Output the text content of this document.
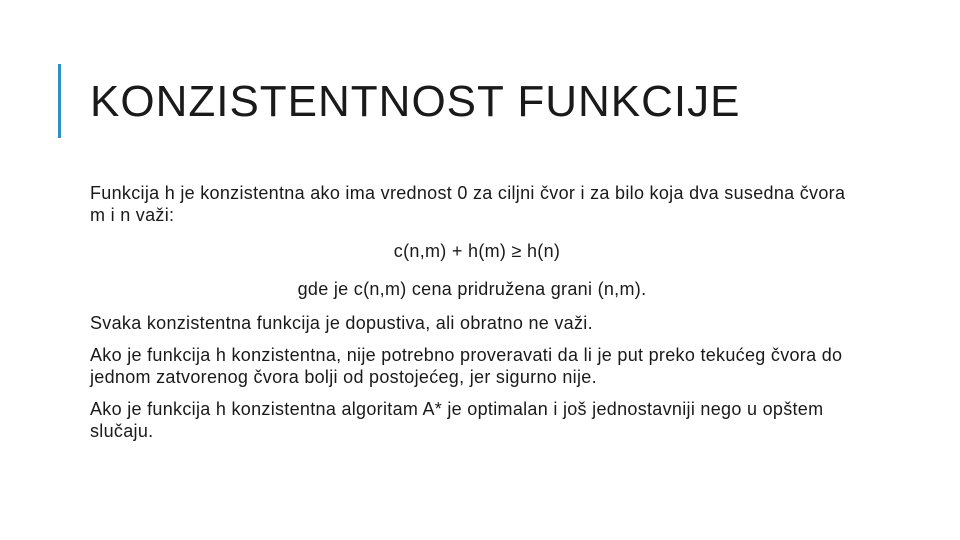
KONZISTENTNOST FUNKCIJE

Funkcija h je konzistentna ako ima vrednost 0 za ciljni čvor i za bilo koja dva susedna čvora m i n važi:

c(n,m) + h(m) ≥ h(n)

gde je c(n,m) cena pridružena grani (n,m).

Svaka konzistentna funkcija je dopustiva, ali obratno ne važi.

Ako je funkcija h konzistentna, nije potrebno proveravati da li je put preko tekućeg čvora do jednom zatvorenog čvora bolji od postojećeg, jer sigurno nije.

Ako je funkcija h konzistentna algoritam A* je optimalan i još jednostavniji nego u opštem slučaju.
